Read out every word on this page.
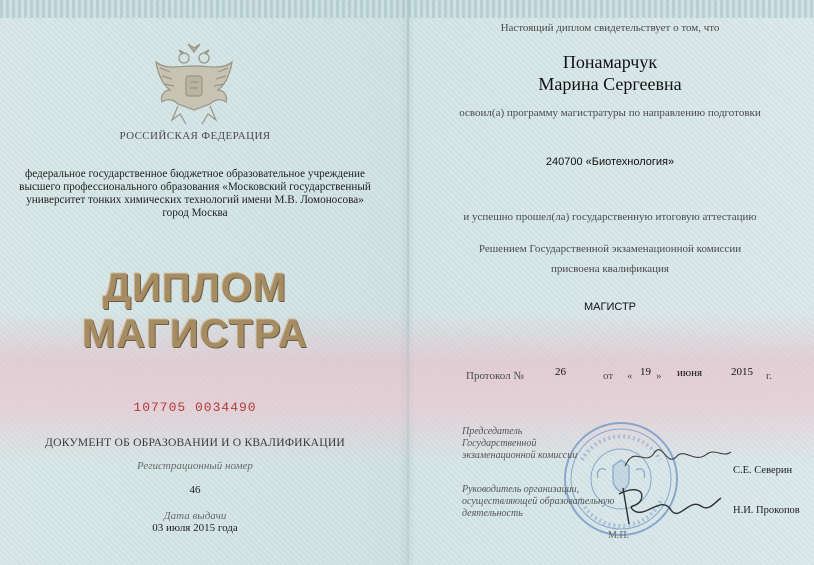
РОССИЙСКАЯ ФЕДЕРАЦИЯ
федеральное государственное бюджетное образовательное учреждение
высшего профессионального образования «Московский государственный
университет тонких химических технологий имени М.В. Ломоносова»
город Москва
ДИПЛОМ
МАГИСТРА
107705 0034490
ДОКУМЕНТ ОБ ОБРАЗОВАНИИ И О КВАЛИФИКАЦИИ
Регистрационный номер
46
Дата выдачи
03 июля 2015 года
Настоящий диплом свидетельствует о том, что
Понамарчук
Марина Сергеевна
освоил(а) программу магистратуры по направлению подготовки
240700 «Биотехнология»
и успешно прошел(ла) государственную итоговую аттестацию
Решением Государственной экзаменационной комиссии
присвоена квалификация
МАГИСТР
Протокол №	26	от « 19 » июня	2015 г.
Председатель
Государственной
экзаменационной комиссии
С.Е. Северин
Руководитель организации,
осуществляющей образовательную
деятельность	Н.И. Прокопов
М.П.
